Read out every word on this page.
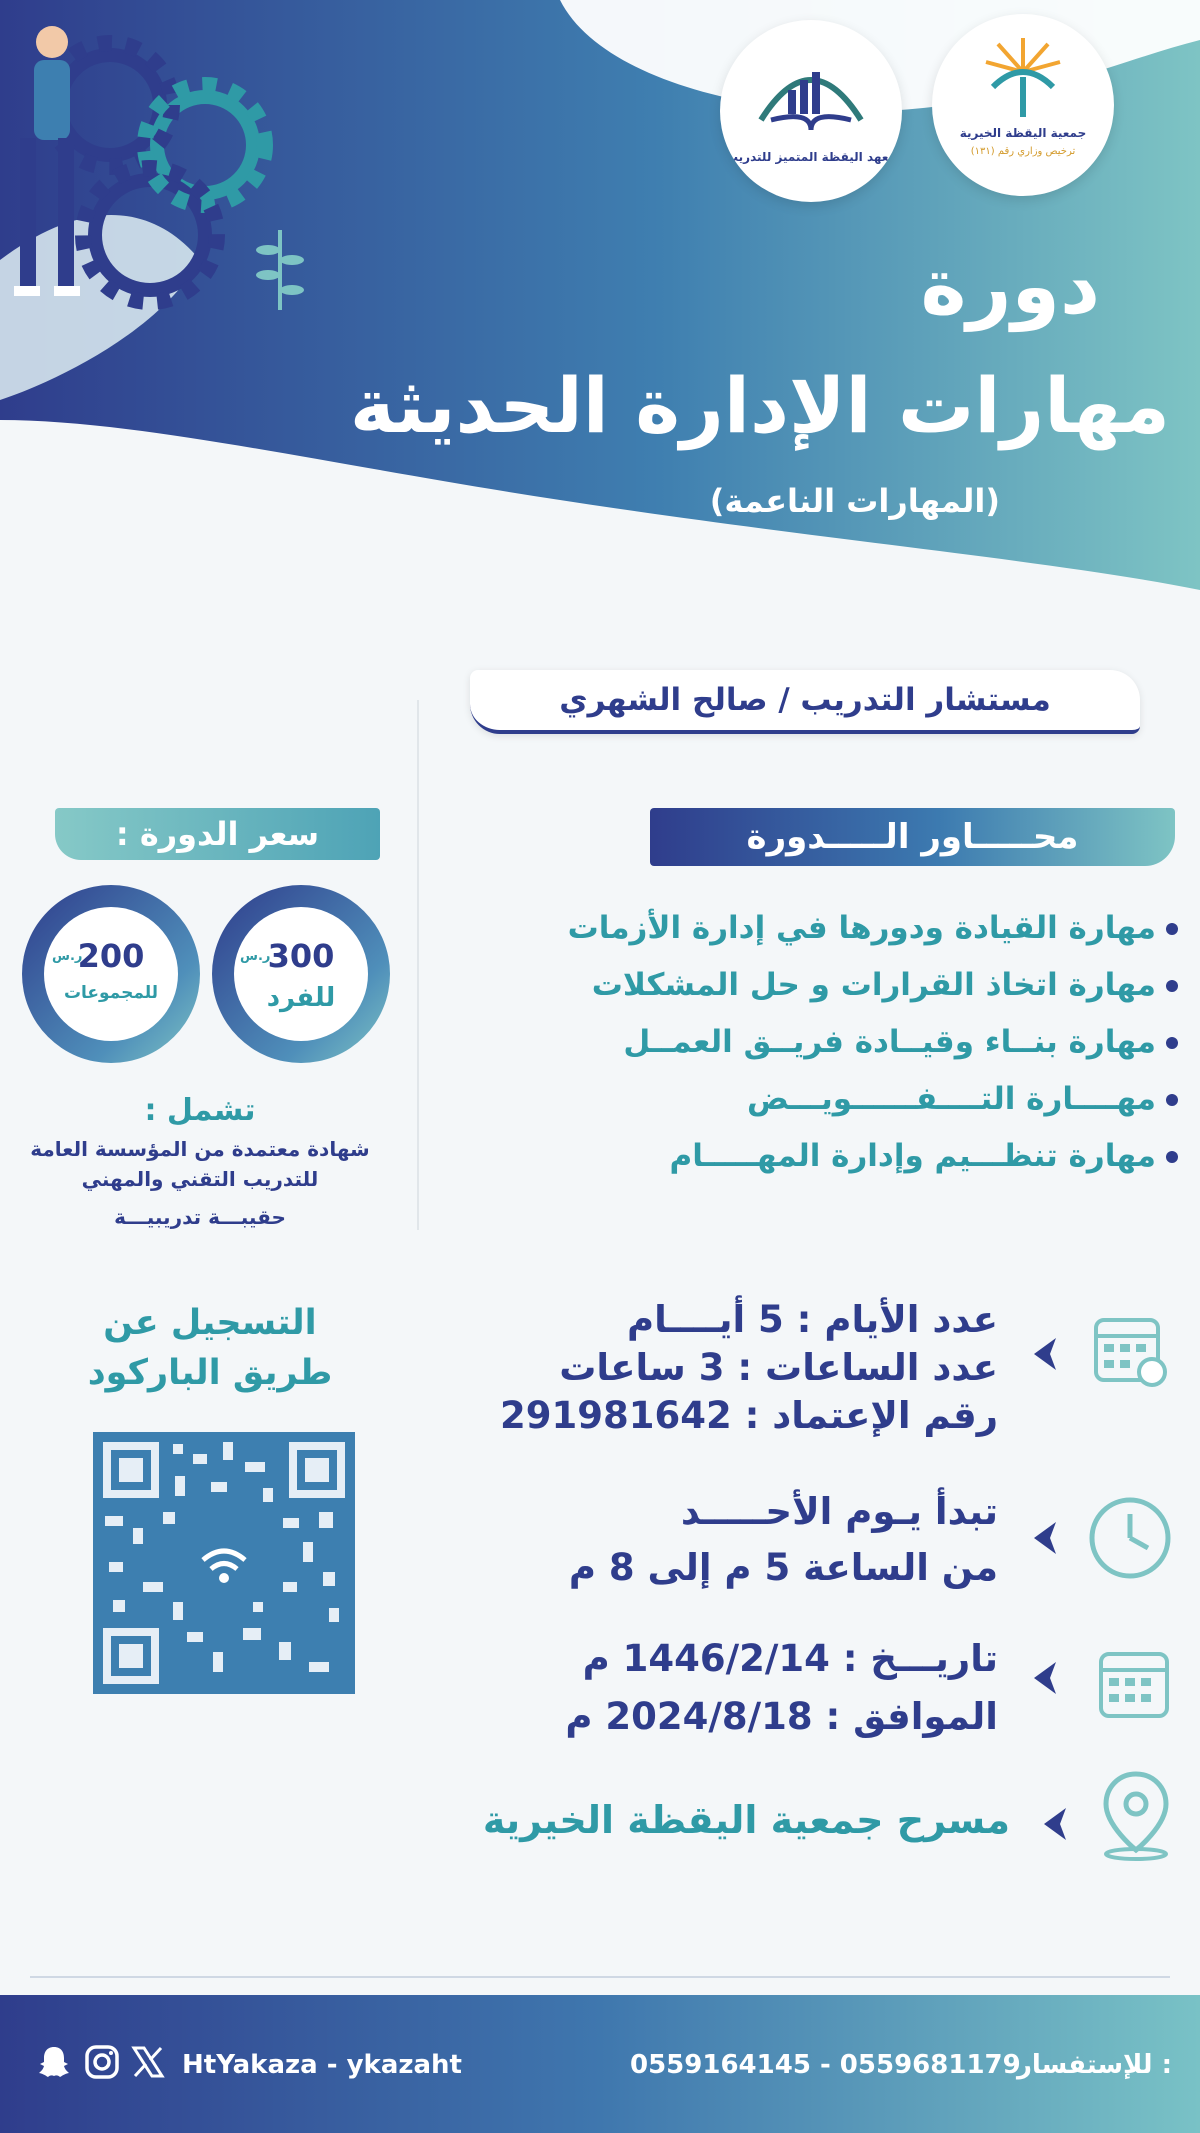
معهد اليقظة المتميز للتدريب
جمعية اليقظة الخيرية
ترخيص وزاري رقم (١٣١)
دورة
مهارات الإدارة الحديثة
(المهارات الناعمة)
مستشار التدريب / صالح الشهري
محـــــاور الـــــدورة
مهارة القيادة ودورها في إدارة الأزمات
مهارة اتخاذ القرارات و حل المشكلات
مهارة بنــاء وقيــادة فريــق العمــل
مهــــارة التــــفــــــويـــض
مهارة تنظـــيم وإدارة المهـــــام
سعر الدورة :
300
ر.س
للفرد
200
ر.س
للمجموعات
تشمل :
شهادة معتمدة من المؤسسة العامة
للتدريب التقني والمهني
حقيبـــة تدريبيـــة
عدد الأيام : 5 أيــــام
عدد الساعات : 3 ساعات
رقم الإعتماد : 291981642
تبدأ يـوم الأحـــــد
من الساعة 5 م إلى 8 م
تاريـــخ : 1446/2/14 م
الموافق : 2024/8/18 م
مسرح جمعية اليقظة الخيرية
التسجيل عن
طريق الباركود
للإستفسار :
0559164145 - 0559681179
HtYakaza - ykazaht
